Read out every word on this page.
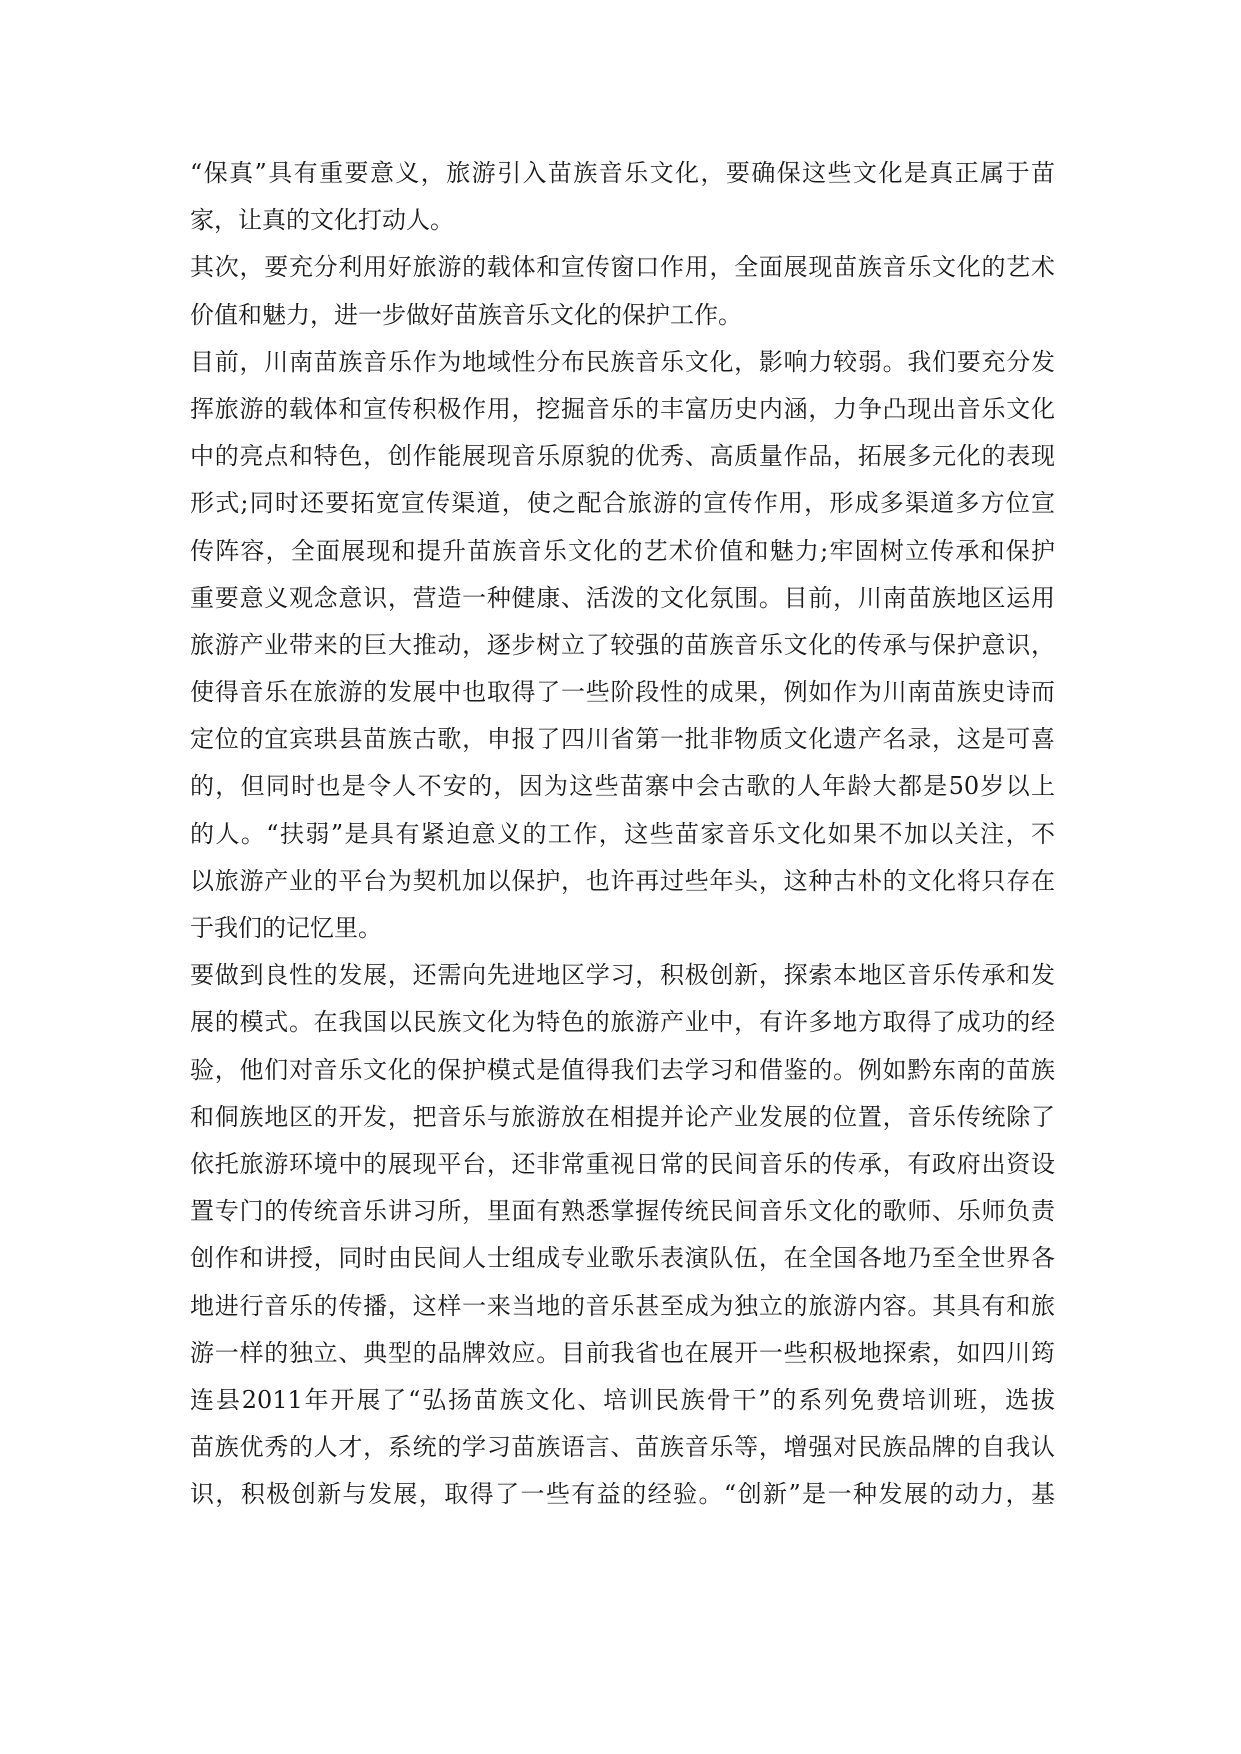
“保真”具有重要意义，旅游引入苗族音乐文化，要确保这些文化是真正属于苗
家，让真的文化打动人。
其次，要充分利用好旅游的载体和宣传窗口作用，全面展现苗族音乐文化的艺术
价值和魅力，进一步做好苗族音乐文化的保护工作。
目前，川南苗族音乐作为地域性分布民族音乐文化，影响力较弱。我们要充分发
挥旅游的载体和宣传积极作用，挖掘音乐的丰富历史内涵，力争凸现出音乐文化
中的亮点和特色，创作能展现音乐原貌的优秀、高质量作品，拓展多元化的表现
形式;同时还要拓宽宣传渠道，使之配合旅游的宣传作用，形成多渠道多方位宣
传阵容，全面展现和提升苗族音乐文化的艺术价值和魅力;牢固树立传承和保护
重要意义观念意识，营造一种健康、活泼的文化氛围。目前，川南苗族地区运用
旅游产业带来的巨大推动，逐步树立了较强的苗族音乐文化的传承与保护意识，
使得音乐在旅游的发展中也取得了一些阶段性的成果，例如作为川南苗族史诗而
定位的宜宾珙县苗族古歌，申报了四川省第一批非物质文化遗产名录，这是可喜
的，但同时也是令人不安的，因为这些苗寨中会古歌的人年龄大都是50岁以上
的人。“扶弱”是具有紧迫意义的工作，这些苗家音乐文化如果不加以关注，不
以旅游产业的平台为契机加以保护，也许再过些年头，这种古朴的文化将只存在
于我们的记忆里。
要做到良性的发展，还需向先进地区学习，积极创新，探索本地区音乐传承和发
展的模式。在我国以民族文化为特色的旅游产业中，有许多地方取得了成功的经
验，他们对音乐文化的保护模式是值得我们去学习和借鉴的。例如黔东南的苗族
和侗族地区的开发，把音乐与旅游放在相提并论产业发展的位置，音乐传统除了
依托旅游环境中的展现平台，还非常重视日常的民间音乐的传承，有政府出资设
置专门的传统音乐讲习所，里面有熟悉掌握传统民间音乐文化的歌师、乐师负责
创作和讲授，同时由民间人士组成专业歌乐表演队伍，在全国各地乃至全世界各
地进行音乐的传播，这样一来当地的音乐甚至成为独立的旅游内容。其具有和旅
游一样的独立、典型的品牌效应。目前我省也在展开一些积极地探索，如四川筠
连县2011年开展了“弘扬苗族文化、培训民族骨干”的系列免费培训班，选拔
苗族优秀的人才，系统的学习苗族语言、苗族音乐等，增强对民族品牌的自我认
识，积极创新与发展，取得了一些有益的经验。“创新”是一种发展的动力，基
